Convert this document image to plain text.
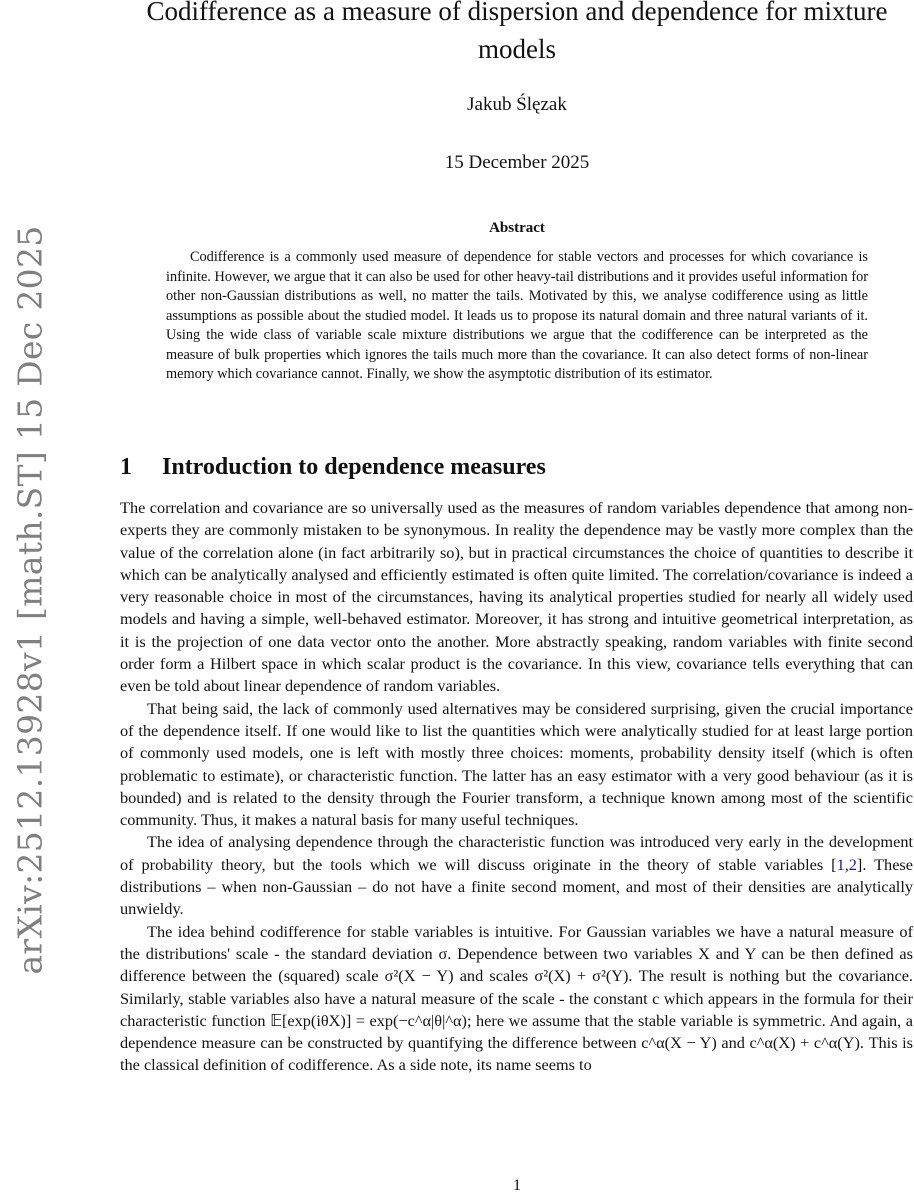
arXiv:2512.13928v1 [math.ST] 15 Dec 2025
Codifference as a measure of dispersion and dependence for mixture models
Jakub Ślęzak
15 December 2025
Abstract

Codifference is a commonly used measure of dependence for stable vectors and processes for which covariance is infinite. However, we argue that it can also be used for other heavy-tail distributions and it provides useful information for other non-Gaussian distributions as well, no matter the tails. Motivated by this, we analyse codifference using as little assumptions as possible about the studied model. It leads us to propose its natural domain and three natural variants of it. Using the wide class of variable scale mixture distributions we argue that the codifference can be interpreted as the measure of bulk properties which ignores the tails much more than the covariance. It can also detect forms of non-linear memory which covariance cannot. Finally, we show the asymptotic distribution of its estimator.

1 Introduction to dependence measures

The correlation and covariance are so universally used as the measures of random variables dependence that among non-experts they are commonly mistaken to be synonymous. In reality the dependence may be vastly more complex than the value of the correlation alone (in fact arbitrarily so), but in practical circumstances the choice of quantities to describe it which can be analytically analysed and efficiently estimated is often quite limited. The correlation/covariance is indeed a very reasonable choice in most of the circumstances, having its analytical properties studied for nearly all widely used models and having a simple, well-behaved estimator. Moreover, it has strong and intuitive geometrical interpretation, as it is the projection of one data vector onto the another. More abstractly speaking, random variables with finite second order form a Hilbert space in which scalar product is the covariance. In this view, covariance tells everything that can even be told about linear dependence of random variables.

That being said, the lack of commonly used alternatives may be considered surprising, given the crucial importance of the dependence itself. If one would like to list the quantities which were analytically studied for at least large portion of commonly used models, one is left with mostly three choices: moments, probability density itself (which is often problematic to estimate), or characteristic function. The latter has an easy estimator with a very good behaviour (as it is bounded) and is related to the density through the Fourier transform, a technique known among most of the scientific community. Thus, it makes a natural basis for many useful techniques.

The idea of analysing dependence through the characteristic function was introduced very early in the development of probability theory, but the tools which we will discuss originate in the theory of stable variables [1,2]. These distributions – when non-Gaussian – do not have a finite second moment, and most of their densities are analytically unwieldy.

The idea behind codifference for stable variables is intuitive. For Gaussian variables we have a natural measure of the distributions' scale - the standard deviation σ. Dependence between two variables X and Y can be then defined as difference between the (squared) scale σ²(X − Y) and scales σ²(X) + σ²(Y). The result is nothing but the covariance. Similarly, stable variables also have a natural measure of the scale - the constant c which appears in the formula for their characteristic function 𝔼[exp(iθX)] = exp(−c^α|θ|^α); here we assume that the stable variable is symmetric. And again, a dependence measure can be constructed by quantifying the difference between c^α(X − Y) and c^α(X) + c^α(Y). This is the classical definition of codifference. As a side note, its name seems to

1
